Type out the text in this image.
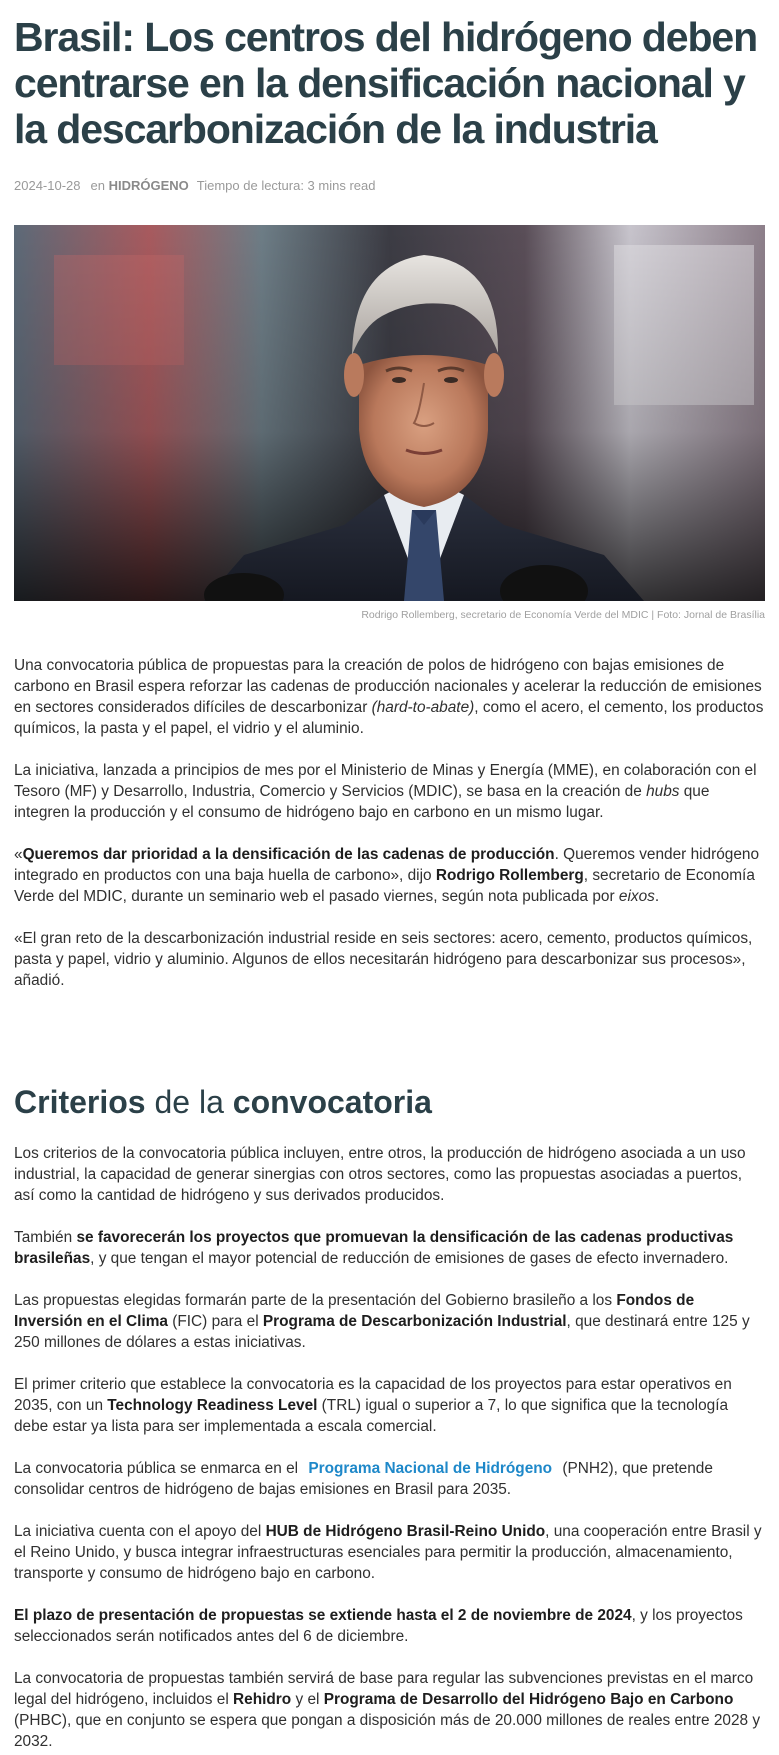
Brasil: Los centros del hidrógeno deben centrarse en la densificación nacional y la descarbonización de la industria
2024-10-28 en HIDRÓGENO Tiempo de lectura: 3 mins read
Rodrigo Rollemberg, secretario de Economía Verde del MDIC | Foto: Jornal de Brasília

Una convocatoria pública de propuestas para la creación de polos de hidrógeno con bajas emisiones de carbono en Brasil espera reforzar las cadenas de producción nacionales y acelerar la reducción de emisiones en sectores considerados difíciles de descarbonizar (hard-to-abate), como el acero, el cemento, los productos químicos, la pasta y el papel, el vidrio y el aluminio.

La iniciativa, lanzada a principios de mes por el Ministerio de Minas y Energía (MME), en colaboración con el Tesoro (MF) y Desarrollo, Industria, Comercio y Servicios (MDIC), se basa en la creación de hubs que integren la producción y el consumo de hidrógeno bajo en carbono en un mismo lugar.

«Queremos dar prioridad a la densificación de las cadenas de producción. Queremos vender hidrógeno integrado en productos con una baja huella de carbono», dijo Rodrigo Rollemberg, secretario de Economía Verde del MDIC, durante un seminario web el pasado viernes, según nota publicada por eixos.

«El gran reto de la descarbonización industrial reside en seis sectores: acero, cemento, productos químicos, pasta y papel, vidrio y aluminio. Algunos de ellos necesitarán hidrógeno para descarbonizar sus procesos», añadió.

Criterios de la convocatoria

Los criterios de la convocatoria pública incluyen, entre otros, la producción de hidrógeno asociada a un uso industrial, la capacidad de generar sinergias con otros sectores, como las propuestas asociadas a puertos, así como la cantidad de hidrógeno y sus derivados producidos.

También se favorecerán los proyectos que promuevan la densificación de las cadenas productivas brasileñas, y que tengan el mayor potencial de reducción de emisiones de gases de efecto invernadero.

Las propuestas elegidas formarán parte de la presentación del Gobierno brasileño a los Fondos de Inversión en el Clima (FIC) para el Programa de Descarbonización Industrial, que destinará entre 125 y 250 millones de dólares a estas iniciativas.

El primer criterio que establece la convocatoria es la capacidad de los proyectos para estar operativos en 2035, con un Technology Readiness Level (TRL) igual o superior a 7, lo que significa que la tecnología debe estar ya lista para ser implementada a escala comercial.

La convocatoria pública se enmarca en el Programa Nacional de Hidrógeno (PNH2), que pretende consolidar centros de hidrógeno de bajas emisiones en Brasil para 2035.

La iniciativa cuenta con el apoyo del HUB de Hidrógeno Brasil-Reino Unido, una cooperación entre Brasil y el Reino Unido, y busca integrar infraestructuras esenciales para permitir la producción, almacenamiento, transporte y consumo de hidrógeno bajo en carbono.

El plazo de presentación de propuestas se extiende hasta el 2 de noviembre de 2024, y los proyectos seleccionados serán notificados antes del 6 de diciembre.

La convocatoria de propuestas también servirá de base para regular las subvenciones previstas en el marco legal del hidrógeno, incluidos el Rehidro y el Programa de Desarrollo del Hidrógeno Bajo en Carbono (PHBC), que en conjunto se espera que pongan a disposición más de 20.000 millones de reales entre 2028 y 2032.
